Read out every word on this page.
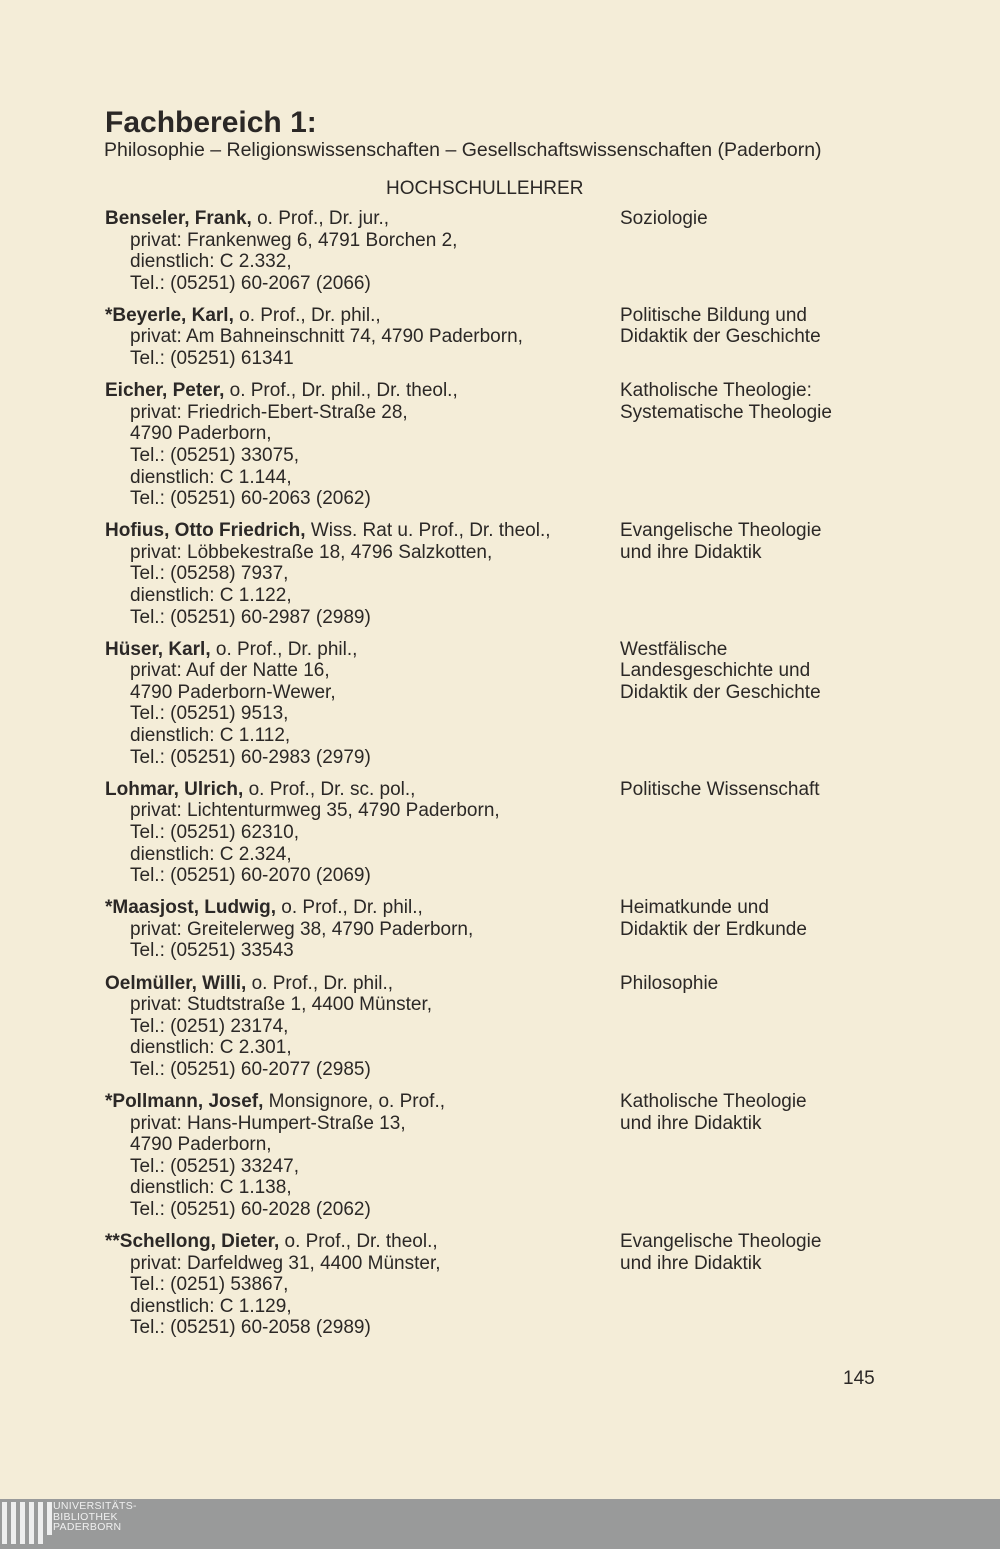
Fachbereich 1:
Philosophie – Religionswissenschaften – Gesellschaftswissenschaften (Paderborn)
HOCHSCHULLEHRER
Benseler, Frank, o. Prof., Dr. jur.,
privat: Frankenweg 6, 4791 Borchen 2,
dienstlich: C 2.332,
Tel.: (05251) 60-2067 (2066)
Soziologie
*Beyerle, Karl, o. Prof., Dr. phil.,
privat: Am Bahneinschnitt 74, 4790 Paderborn,
Tel.: (05251) 61341
Politische Bildung und
Didaktik der Geschichte
Eicher, Peter, o. Prof., Dr. phil., Dr. theol.,
privat: Friedrich-Ebert-Straße 28,
4790 Paderborn,
Tel.: (05251) 33075,
dienstlich: C 1.144,
Tel.: (05251) 60-2063 (2062)
Katholische Theologie:
Systematische Theologie
Hofius, Otto Friedrich, Wiss. Rat u. Prof., Dr. theol.,
privat: Löbbekestraße 18, 4796 Salzkotten,
Tel.: (05258) 7937,
dienstlich: C 1.122,
Tel.: (05251) 60-2987 (2989)
Evangelische Theologie
und ihre Didaktik
Hüser, Karl, o. Prof., Dr. phil.,
privat: Auf der Natte 16,
4790 Paderborn-Wewer,
Tel.: (05251) 9513,
dienstlich: C 1.112,
Tel.: (05251) 60-2983 (2979)
Westfälische
Landesgeschichte und
Didaktik der Geschichte
Lohmar, Ulrich, o. Prof., Dr. sc. pol.,
privat: Lichtenturmweg 35, 4790 Paderborn,
Tel.: (05251) 62310,
dienstlich: C 2.324,
Tel.: (05251) 60-2070 (2069)
Politische Wissenschaft
*Maasjost, Ludwig, o. Prof., Dr. phil.,
privat: Greitelerweg 38, 4790 Paderborn,
Tel.: (05251) 33543
Heimatkunde und
Didaktik der Erdkunde
Oelmüller, Willi, o. Prof., Dr. phil.,
privat: Studtstraße 1, 4400 Münster,
Tel.: (0251) 23174,
dienstlich: C 2.301,
Tel.: (05251) 60-2077 (2985)
Philosophie
*Pollmann, Josef, Monsignore, o. Prof.,
privat: Hans-Humpert-Straße 13,
4790 Paderborn,
Tel.: (05251) 33247,
dienstlich: C 1.138,
Tel.: (05251) 60-2028 (2062)
Katholische Theologie
und ihre Didaktik
**Schellong, Dieter, o. Prof., Dr. theol.,
privat: Darfeldweg 31, 4400 Münster,
Tel.: (0251) 53867,
dienstlich: C 1.129,
Tel.: (05251) 60-2058 (2989)
Evangelische Theologie
und ihre Didaktik
145
UNIVERSITÄTS-
BIBLIOTHEK
PADERBORN
